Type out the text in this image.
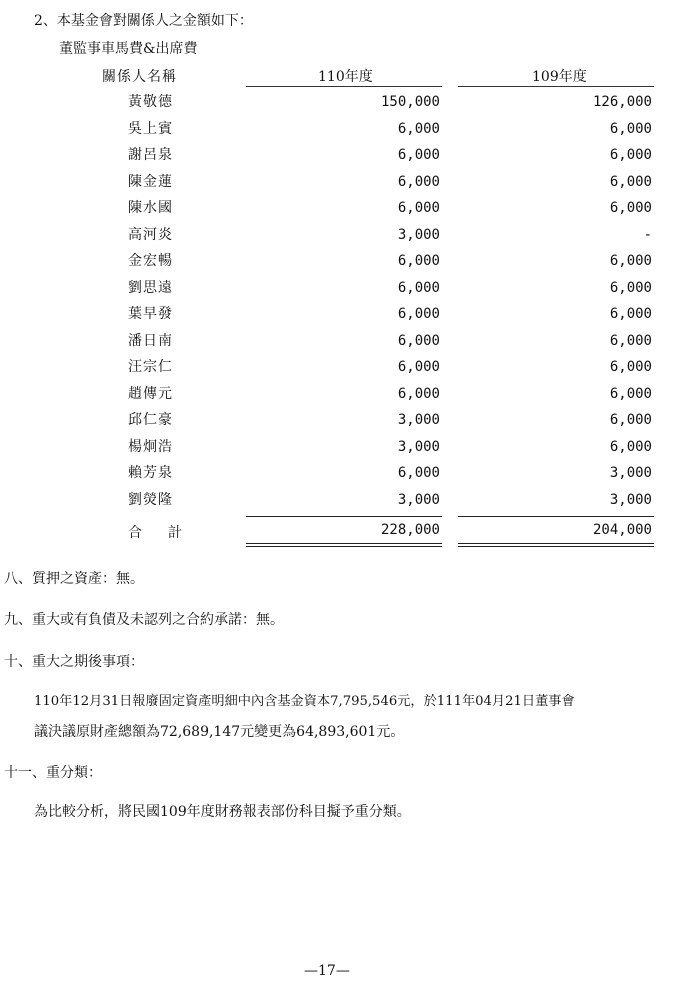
2、本基金會對關係人之金額如下：
董監事車馬費&出席費
關係人名稱	110年度	109年度
黃敬德	150,000	126,000
吳上賓	6,000	6,000
謝呂泉	6,000	6,000
陳金蓮	6,000	6,000
陳水國	6,000	6,000
高河炎	3,000	-
金宏暢	6,000	6,000
劉思遠	6,000	6,000
葉早發	6,000	6,000
潘日南	6,000	6,000
汪宗仁	6,000	6,000
趙傳元	6,000	6,000
邱仁豪	3,000	6,000
楊炯浩	3,000	6,000
賴芳泉	6,000	3,000
劉熒隆	3,000	3,000
合　計	228,000	204,000
八、質押之資產：無。
九、重大或有負債及未認列之合約承諾：無。
十、重大之期後事項：
110年12月31日報廢固定資產明細中內含基金資本7,795,546元，於111年04月21日董事會
議決議原財產總額為72,689,147元變更為64,893,601元。
十一、重分類：
為比較分析，將民國109年度財務報表部份科目擬予重分類。
—17—
